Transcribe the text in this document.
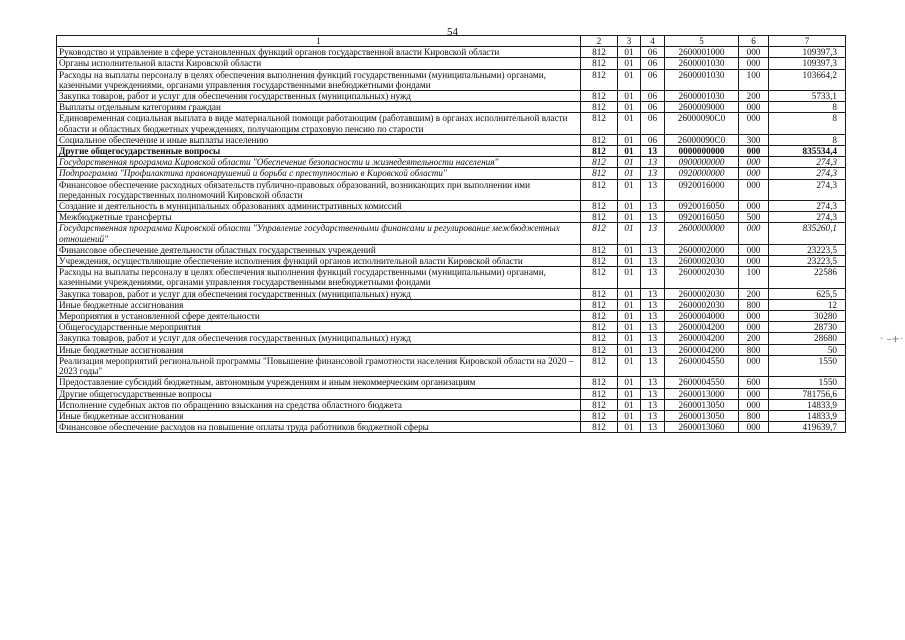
54
· –+·
1	2	3	4	5	6	7
Руководство и управление в сфере установленных функций органов государственной власти Кировской области	812	01	06	2600001000	000	109397,3
Органы исполнительной власти Кировской области	812	01	06	2600001030	000	109397,3
Расходы на выплаты персоналу в целях обеспечения выполнения функций государственными (муниципальными) органами, казенными учреждениями, органами управления государственными внебюджетными фондами	812	01	06	2600001030	100	103664,2
Закупка товаров, работ и услуг для обеспечения государственных (муниципальных) нужд	812	01	06	2600001030	200	5733,1
Выплаты отдельным категориям граждан	812	01	06	2600009000	000	8
Единовременная социальная выплата в виде материальной помощи работающим (работавшим) в органах исполнительной власти области и областных бюджетных учреждениях, получающим страховую пенсию по старости	812	01	06	26000090С0	000	8
Социальное обеспечение и иные выплаты населению	812	01	06	26000090С0	300	8
Другие общегосударственные вопросы	812	01	13	0000000000	000	835534,4
Государственная программа Кировской области "Обеспечение безопасности и жизнедеятельности населения"	812	01	13	0900000000	000	274,3
Подпрограмма "Профилактика правонарушений и борьба с преступностью в Кировской области"	812	01	13	0920000000	000	274,3
Финансовое обеспечение расходных обязательств публично-правовых образований, возникающих при выполнении ими переданных государственных полномочий Кировской области	812	01	13	0920016000	000	274,3
Создание и деятельность в муниципальных образованиях административных комиссий	812	01	13	0920016050	000	274,3
Межбюджетные трансферты	812	01	13	0920016050	500	274,3
Государственная программа Кировской области "Управление государственными финансами и регулирование межбюджетных отношений"	812	01	13	2600000000	000	835260,1
Финансовое обеспечение деятельности областных государственных учреждений	812	01	13	2600002000	000	23223,5
Учреждения, осуществляющие обеспечение исполнения функций органов исполнительной власти Кировской области	812	01	13	2600002030	000	23223,5
Расходы на выплаты персоналу в целях обеспечения выполнения функций государственными (муниципальными) органами, казенными учреждениями, органами управления государственными внебюджетными фондами	812	01	13	2600002030	100	22586
Закупка товаров, работ и услуг для обеспечения государственных (муниципальных) нужд	812	01	13	2600002030	200	625,5
Иные бюджетные ассигнования	812	01	13	2600002030	800	12
Мероприятия в установленной сфере деятельности	812	01	13	2600004000	000	30280
Общегосударственные мероприятия	812	01	13	2600004200	000	28730
Закупка товаров, работ и услуг для обеспечения государственных (муниципальных) нужд	812	01	13	2600004200	200	28680
Иные бюджетные ассигнования	812	01	13	2600004200	800	50
Реализация мероприятий региональной программы "Повышение финансовой грамотности населения Кировской области на 2020 – 2023 годы"	812	01	13	2600004550	000	1550
Предоставление субсидий бюджетным, автономным учреждениям и иным некоммерческим организациям	812	01	13	2600004550	600	1550
Другие общегосударственные вопросы	812	01	13	2600013000	000	781756,6
Исполнение судебных актов по обращению взыскания на средства областного бюджета	812	01	13	2600013050	000	14833,9
Иные бюджетные ассигнования	812	01	13	2600013050	800	14833,9
Финансовое обеспечение расходов на повышение оплаты труда работников бюджетной сферы	812	01	13	2600013060	000	419639,7
